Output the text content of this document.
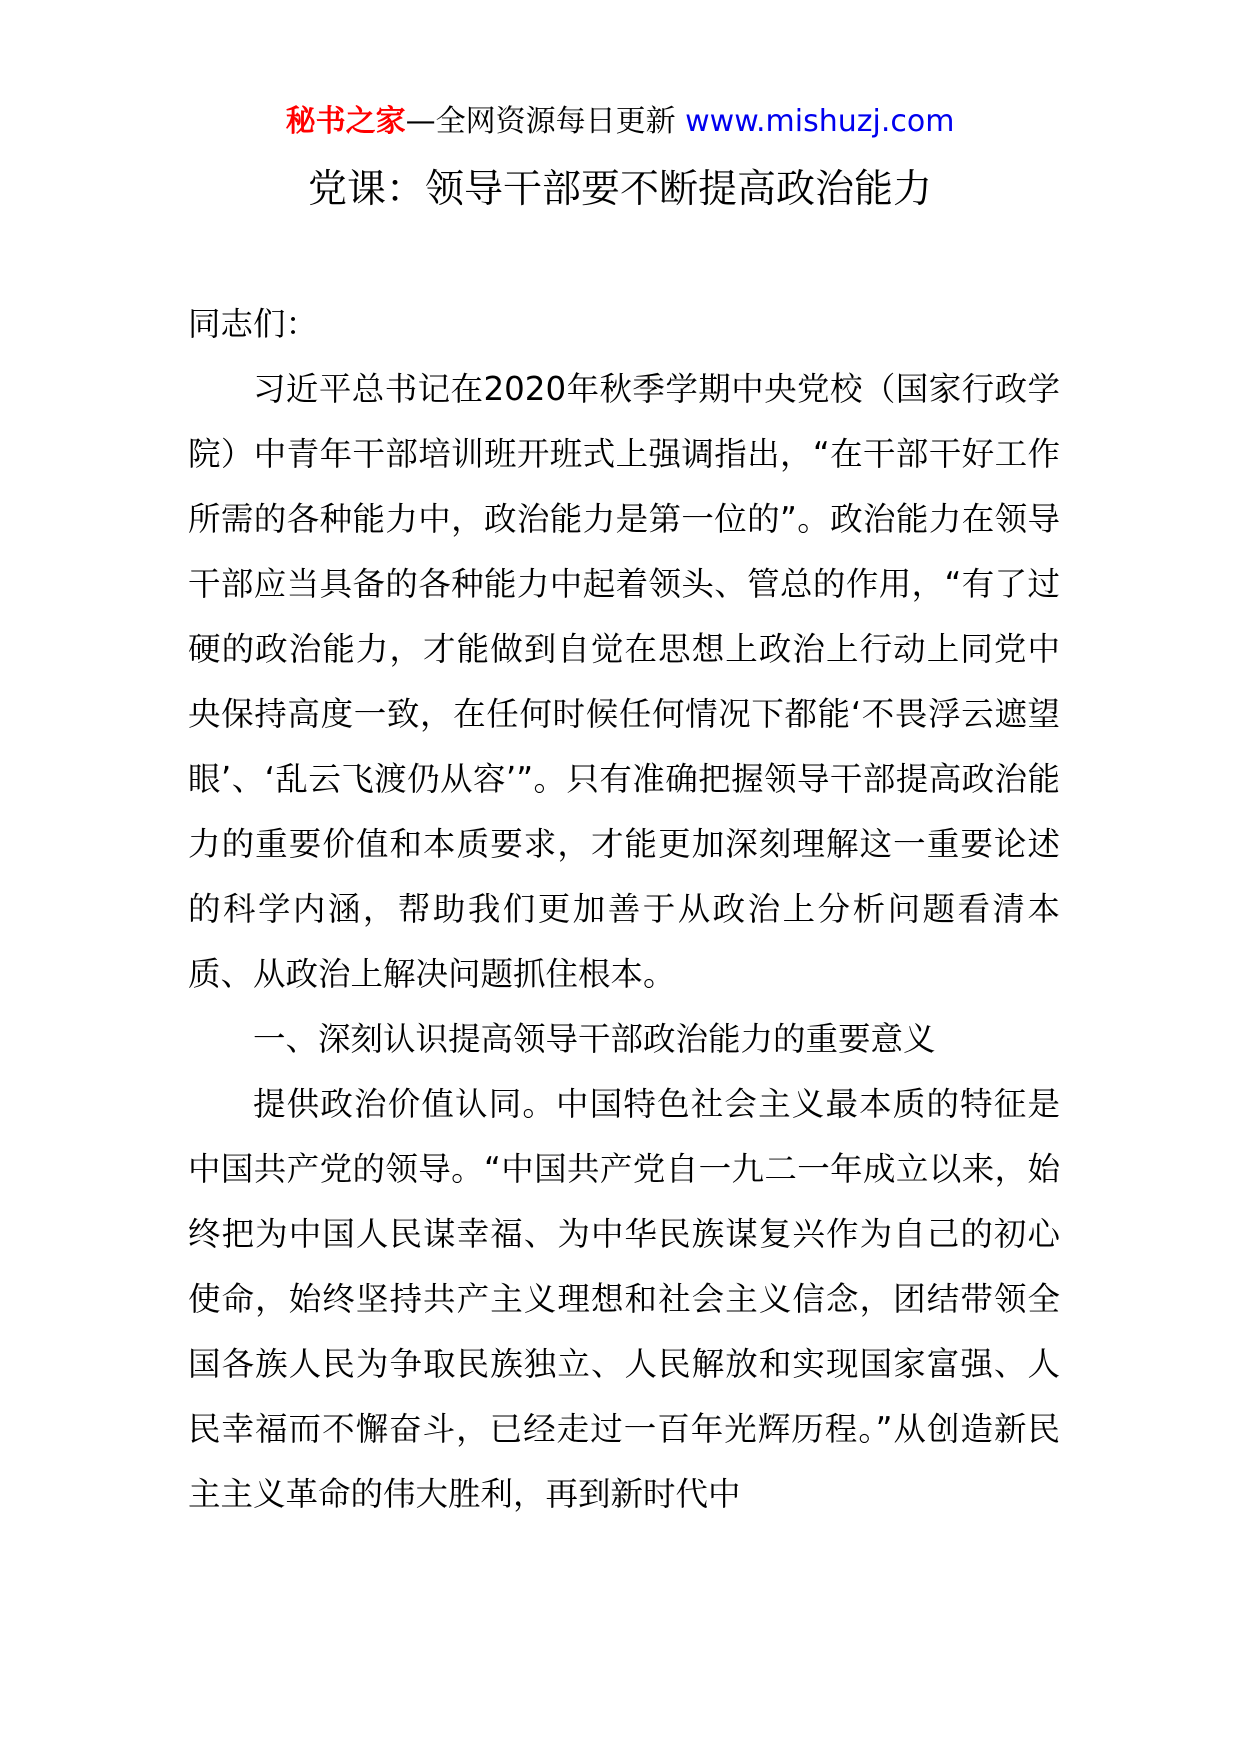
秘书之家—全网资源每日更新 www.mishuzj.com
党课：领导干部要不断提高政治能力

同志们：

习近平总书记在2020年秋季学期中央党校（国家行政学院）中青年干部培训班开班式上强调指出，“在干部干好工作所需的各种能力中，政治能力是第一位的”。政治能力在领导干部应当具备的各种能力中起着领头、管总的作用，“有了过硬的政治能力，才能做到自觉在思想上政治上行动上同党中央保持高度一致，在任何时候任何情况下都能‘不畏浮云遮望眼’、‘乱云飞渡仍从容’”。只有准确把握领导干部提高政治能力的重要价值和本质要求，才能更加深刻理解这一重要论述的科学内涵，帮助我们更加善于从政治上分析问题看清本质、从政治上解决问题抓住根本。

一、深刻认识提高领导干部政治能力的重要意义

提供政治价值认同。中国特色社会主义最本质的特征是中国共产党的领导。“中国共产党自一九二一年成立以来，始终把为中国人民谋幸福、为中华民族谋复兴作为自己的初心使命，始终坚持共产主义理想和社会主义信念，团结带领全国各族人民为争取民族独立、人民解放和实现国家富强、人民幸福而不懈奋斗，已经走过一百年光辉历程。”从创造新民主主义革命的伟大胜利，再到新时代中
